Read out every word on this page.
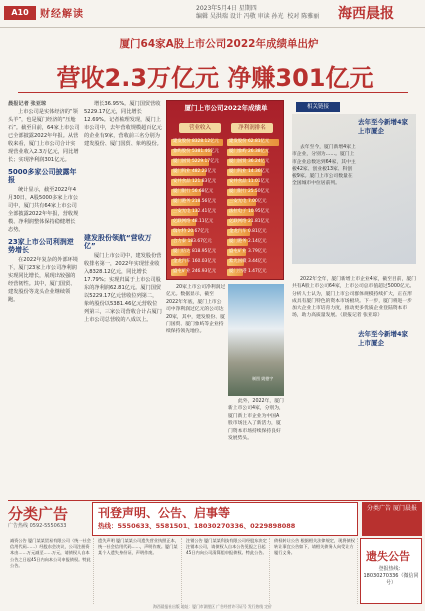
A10	财经解读
2023年5月4日 星期四
编辑 吴洪瑞 设计 冯敬 审读 孙光  校对 陈雅丽 海西晨报
厦门64家A股上市公司2022年成绩单出炉
营收2.3万亿元 净赚301亿元

晨报记者 张亚琼

上市公司是实体经济的“领头羊”，也是厦门经济的“压舱石”。截至目前，64家上市公司已全部披露2022年年报。从营收来看，厦门上市公司合计实现营业收入2.3万亿元，同比增长；实现净利润301亿元。

5000多家公司披露年报

统计显示，截至2022年4月30日，A股5000多家上市公司中，厦门共有64家上市公司全部披露2022年年报，营收规模、净利润整体保持稳健增长态势。

23家上市公司利润逆势增长

在2022年复杂的外部环境下，厦门23家上市公司净利润实现同比增长，展现出较强的经营韧性。其中，厦门国贸、建发股份等龙头企业继续领跑。

增长36.95%。厦门国贸营收5229.17亿元，同比增长12.69%。记者梳理发现，厦门上市公司中，去年营收规模超百亿元的企业有9家，营收前三名分别为建发股份、厦门国贸、象屿股份。

建发股份领航“营收万亿”

厦门上市公司中，建发股份营收排名第一，2022年实现营业收入8328.12亿元，同比增长17.79%；实现归属于上市公司股东的净利润62.81亿元。厦门国贸以5229.17亿元营收位列第二，象屿股份以5381.46亿元营收位列第三，三家公司营收合计占厦门上市公司总营收的八成以上。

厦门上市公司2022年成绩单
营业收入	净利润排名
建发股份 8328.12亿元	建发股份 62.81亿元
象屿股份 5381.46亿元	厦门象屿 26.38亿元
厦门国贸 5229.17亿元	厦门国贸 36.24亿元
厦门钨业 482.23亿元	厦门钨业 14.36亿元
安井食品 121.83亿元	安井食品 11.01亿元
厦门银行 56.68亿元	厦门银行 25.50亿元
厦门港务 218.56亿元	三安光电 7.00亿元
三安光电 132.41亿元	法拉电子 10.95亿元
亿联网络 48.11亿元	亿联网络 21.81亿元
瑞尔特 20.67亿元	金龙汽车 0.81亿元
合力泰 183.67亿元	厦门港务 2.14亿元
厦门信达 818.95亿元	盛屯矿业 3.79亿元
金龙汽车 160.03亿元	紫光国微 3.44亿元
盛屯矿业 246.93亿元	厦门空港 1.47亿元

20家上市公司净利润过亿元。数据显示，截至2022年年底，厦门上市公司中净利润过亿元的公司达20家，其中，建发股份、厦门国贸、厦门象屿等企业持续保持领先地位。

制图 姚德宇

此外，2022年，厦门新上市公司4家，分别为，厦门新上市企业为中国A股市场注入了新活力，厦门资本市场持续保持良好发展势头。

相关链接
去年至今新增4家上市厦企
去年至今，厦门新增4家上市企业，分别为……。厦门上市企业总数达到64家，其中主板42家、创业板13家、科创板9家。厦门上市公司数量在全国城市中位居前列。
2022年全年，厦门新增上市企业4家，截至目前，厦门共有A股上市公司64家，上市公司总市值超过5000亿元。分析人士认为，厦门上市公司群体规模持续扩大，正在形成具有厦门特色的资本市场板块。下一步，厦门将进一步加大企业上市培育力度，推动更多优质企业登陆资本市场，助力高质量发展。（晨报记者 张亚琼）
去年至今新增4家上市厦企
分类广告
广告热线 0592-5550633
刊登声明、公告、启事等
热线：5550633、5581501、18030270336、0229898088
分类广告 厦门晨报
减资公告 厦门某某贸易有限公司（统一社会信用代码……）经股东会决议，公司注册资本由……万元减至……万元，请债权人自本公告之日起45日内向本公司申报债权。特此公告。
遗失声明 厦门某某公司遗失营业执照正本，统一社会信用代码……，声明作废。厦门某某个人遗失身份证，声明作废。
注销公告 厦门某某科技有限公司经股东决定注销本公司，请债权人自本公告见报之日起45日内向公司清算组申报债权。特此公告。
债权转让公告 根据相关法律规定，现将债权转让事宜公告如下，请相关债务人向受让方履行义务。	遗失公告
登报热线：18030270336（微信同号）
海西晨报社出版 地址：厦门市湖里区 广告经营许可证号 发行热线 定价
